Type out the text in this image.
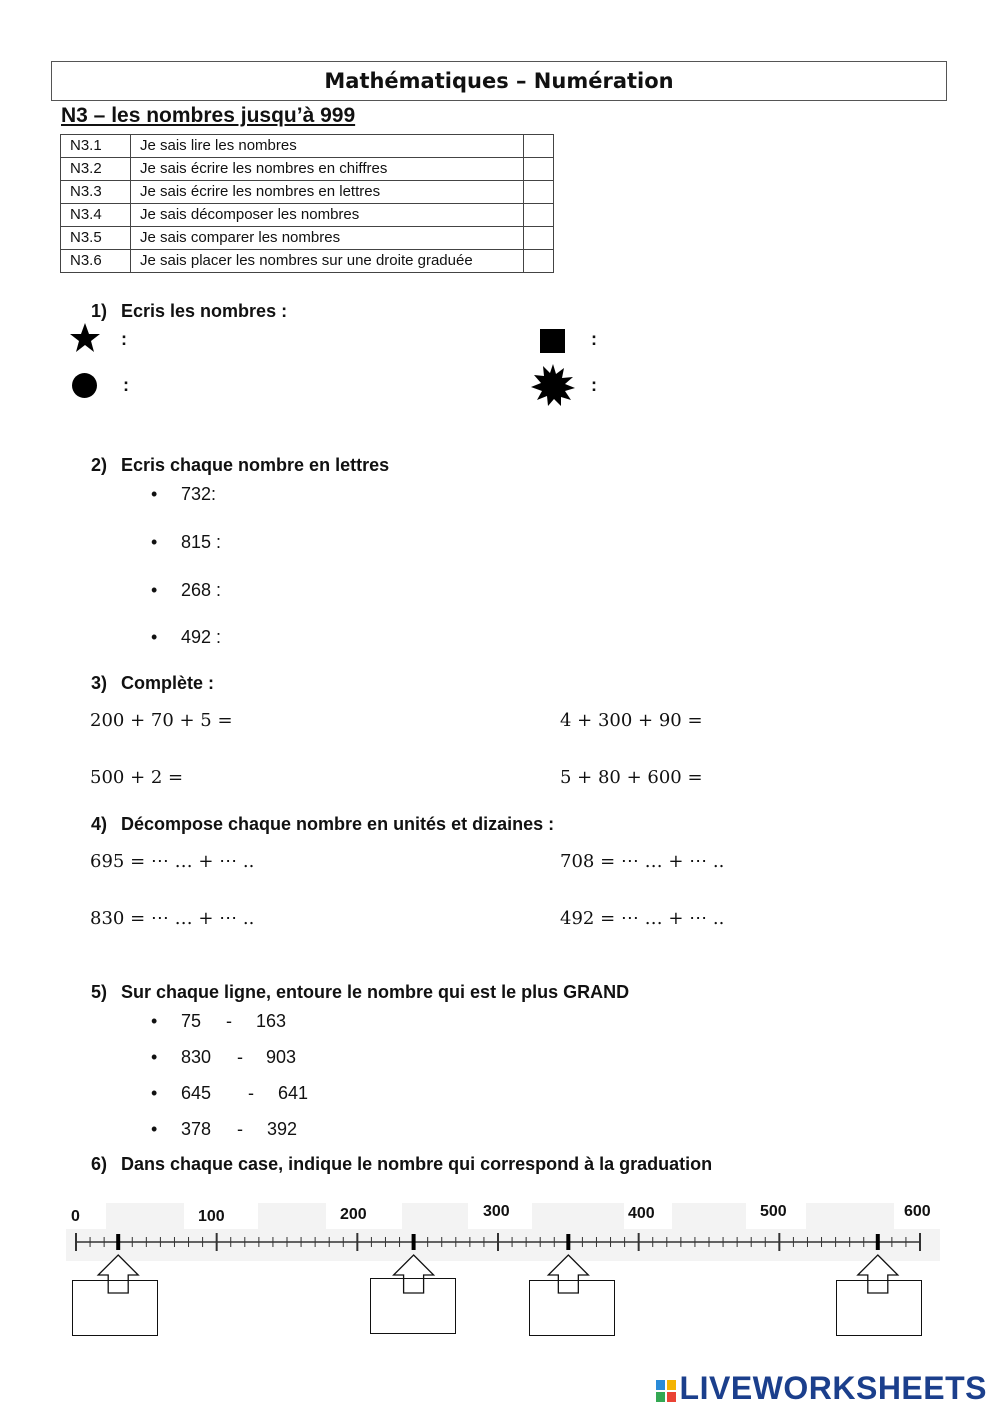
Mathématiques – Numération
N3 – les nombres jusqu’à 999
N3.1	Je sais lire les nombres	
N3.2	Je sais écrire les nombres en chiffres	
N3.3	Je sais écrire les nombres en lettres	
N3.4	Je sais décomposer les nombres	
N3.5	Je sais comparer les nombres	
N3.6	Je sais placer les nombres sur une droite graduée	
1) Ecris les nombres :
:	:
:	:
2) Ecris chaque nombre en lettres
• 732:
• 815 :
• 268 :
• 492 :
3) Complète :
200 + 70 + 5 =	4 + 300 + 90 =
500 + 2 =	5 + 80 + 600 =
4) Décompose chaque nombre en unités et dizaines :
695 = ⋯ … + ⋯ ..	708 = ⋯ … + ⋯ ..
830 = ⋯ … + ⋯ ..	492 = ⋯ … + ⋯ ..
5) Sur chaque ligne, entoure le nombre qui est le plus GRAND
75 - 163
830 - 903
645 - 641
378 - 392
6) Dans chaque case, indique le nombre qui correspond à la graduation
0	100	200	300	400	500	600
LIVEWORKSHEETS
